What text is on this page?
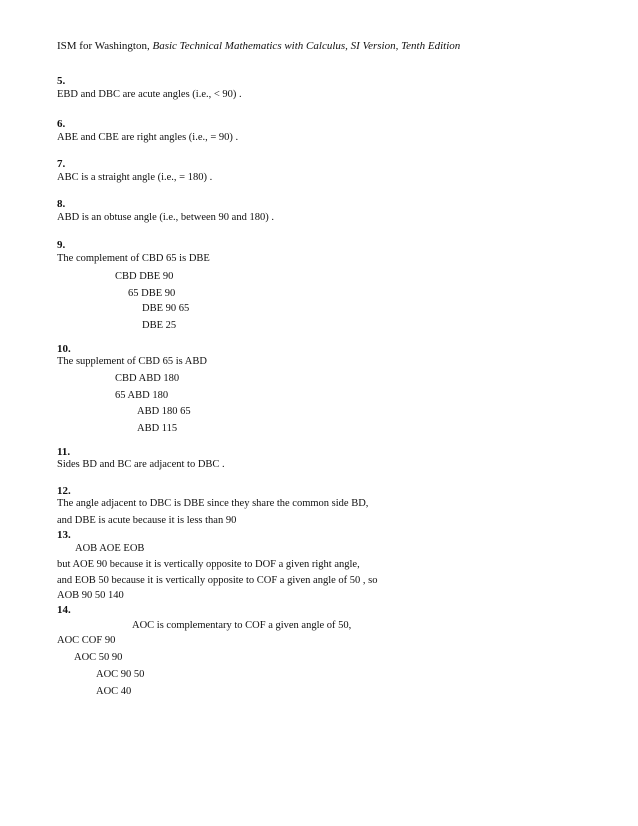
ISM for Washington, Basic Technical Mathematics with Calculus, SI Version, Tenth Edition
5.
EBD and DBC are acute angles (i.e., < 90) .
6.
ABE and CBE are right angles (i.e., = 90) .
7.
ABC is a straight angle (i.e., = 180) .
8.
ABD is an obtuse angle (i.e., between 90 and 180) .
9.
The complement of CBD 65 is DBE
CBD DBE 90
65 DBE 90
DBE 90 65
DBE 25
10.
The supplement of CBD 65 is ABD
CBD ABD 180
65 ABD 180
ABD 180 65
ABD 115
11.
Sides BD and BC are adjacent to DBC .
12.
The angle adjacent to DBC is DBE since they share the common side BD,
and DBE is acute because it is less than 90
13.
AOB AOE EOB
but AOE 90 because it is vertically opposite to DOF a given right angle,
and EOB 50 because it is vertically opposite to COF a given angle of 50 , so
AOB 90 50 140
14.
AOC is complementary to COF a given angle of 50,
AOC COF 90
AOC 50 90
AOC 90 50
AOC 40
